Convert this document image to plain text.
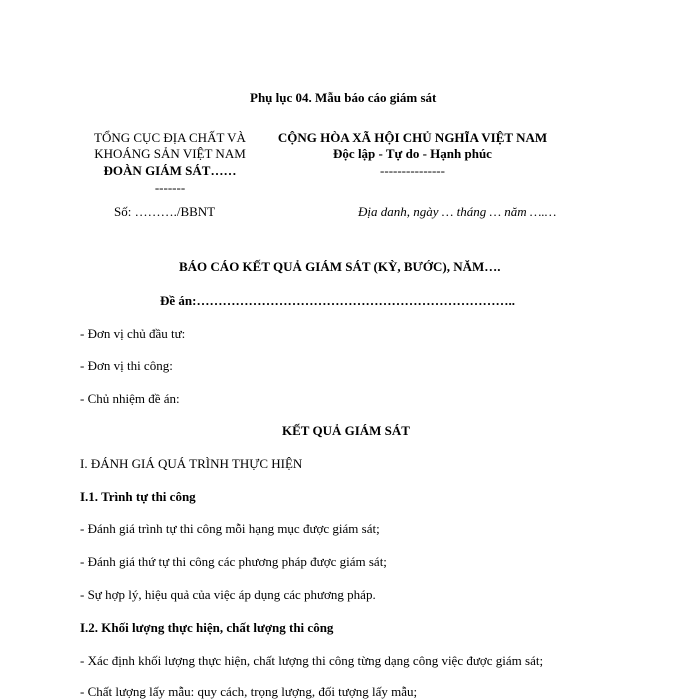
Phụ lục 04. Mẫu báo cáo giám sát
TỔNG CỤC ĐỊA CHẤT VÀ
KHOÁNG SẢN VIỆT NAM
ĐOÀN GIÁM SÁT……
-------
CỘNG HÒA XÃ HỘI CHỦ NGHĨA VIỆT NAM
Độc lập - Tự do - Hạnh phúc
---------------
Số: ………./BBNT	Địa danh, ngày … tháng … năm ….…
BÁO CÁO KẾT QUẢ GIÁM SÁT (KỲ, BƯỚC), NĂM….
Đề án:………………………………………………………………..
- Đơn vị chủ đầu tư:
- Đơn vị thi công:
- Chủ nhiệm đề án:
KẾT QUẢ GIÁM SÁT
I. ĐÁNH GIÁ QUÁ TRÌNH THỰC HIỆN
I.1. Trình tự thi công
- Đánh giá trình tự thi công mỗi hạng mục được giám sát;
- Đánh giá thứ tự thi công các phương pháp được giám sát;
- Sự hợp lý, hiệu quả của việc áp dụng các phương pháp.
I.2. Khối lượng thực hiện, chất lượng thi công
- Xác định khối lượng thực hiện, chất lượng thi công từng dạng công việc được giám sát;
- Chất lượng lấy mẫu: quy cách, trọng lượng, đối tượng lấy mẫu;
